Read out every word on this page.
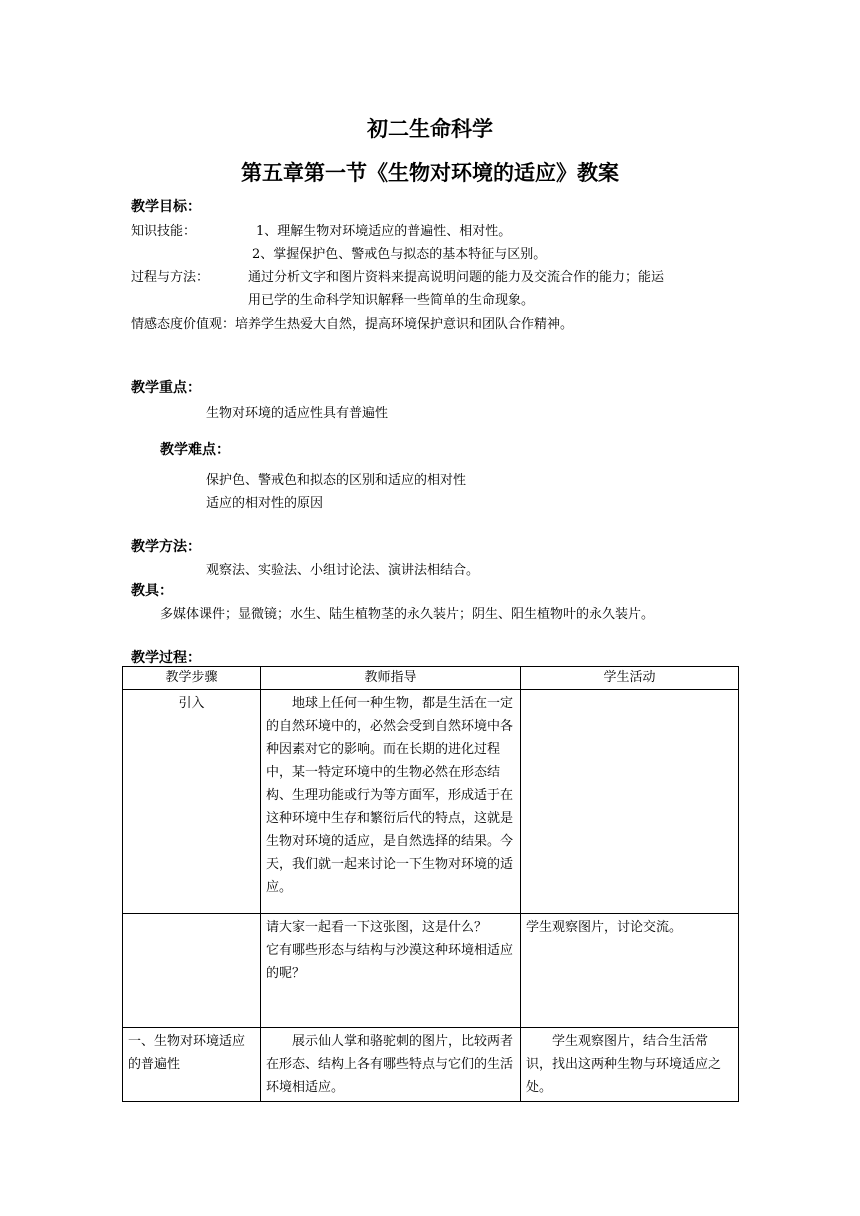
初二生命科学
第五章第一节《生物对环境的适应》教案
教学目标：
知识技能：	1、理解生物对环境适应的普遍性、相对性。
2、掌握保护色、警戒色与拟态的基本特征与区别。
过程与方法：	通过分析文字和图片资料来提高说明问题的能力及交流合作的能力；能运
用已学的生命科学知识解释一些简单的生命现象。
情感态度价值观：培养学生热爱大自然，提高环境保护意识和团队合作精神。
教学重点：
生物对环境的适应性具有普遍性
教学难点：
保护色、警戒色和拟态的区别和适应的相对性
适应的相对性的原因
教学方法：
观察法、实验法、小组讨论法、演讲法相结合。
教具：
多媒体课件；显微镜；水生、陆生植物茎的永久装片；阴生、阳生植物叶的永久装片。
教学过程：
教学步骤	教师指导	学生活动
引入	地球上任何一种生物，都是生活在一定的自然环境中的，必然会受到自然环境中各种因素对它的影响。而在长期的进化过程中，某一特定环境中的生物必然在形态结构、生理功能或行为等方面军，形成适于在这种环境中生存和繁衍后代的特点，这就是生物对环境的适应，是自然选择的结果。今天，我们就一起来讨论一下生物对环境的适应。	

	请大家一起看一下这张图，这是什么？
它有哪些形态与结构与沙漠这种环境相适应的呢？	学生观察图片，讨论交流。
一、生物对环境适应的普遍性	展示仙人掌和骆驼刺的图片，比较两者在形态、结构上各有哪些特点与它们的生活环境相适应。	学生观察图片，结合生活常识，找出这两种生物与环境适应之处。
